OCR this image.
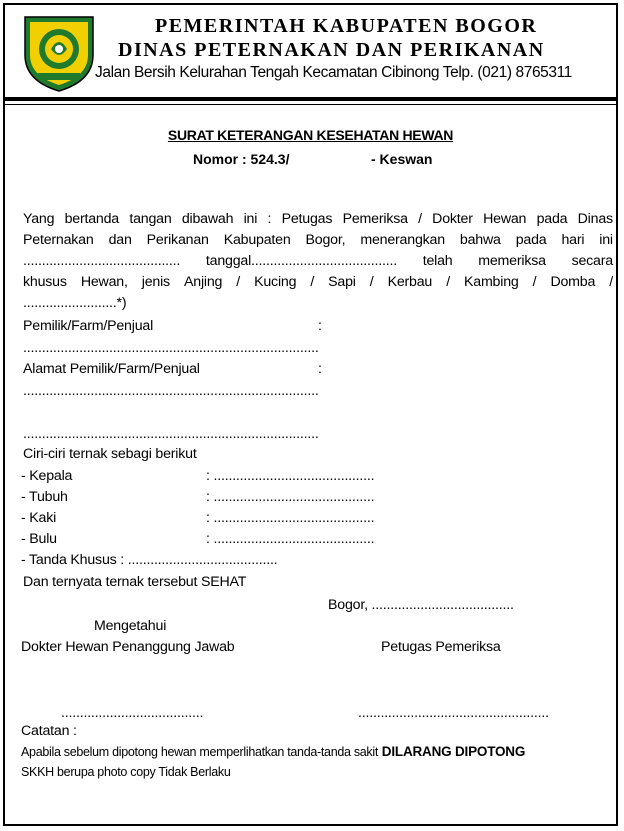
PEMERINTAH KABUPATEN BOGOR
DINAS PETERNAKAN DAN PERIKANAN
Jalan Bersih Kelurahan Tengah Kecamatan Cibinong Telp. (021) 8765311
SURAT KETERANGAN KESEHATAN HEWAN
Nomor : 524.3/	- Keswan
Yang bertanda tangan dibawah ini : Petugas Pemeriksa / Dokter Hewan pada Dinas
Peternakan dan Perikanan Kabupaten Bogor, menerangkan bahwa pada hari ini
.......................................... tanggal....................................... telah memeriksa secara
khusus Hewan, jenis Anjing / Kucing / Sapi / Kerbau / Kambing / Domba /
.........................*)
Pemilik/Farm/Penjual	:
...............................................................................
Alamat Pemilik/Farm/Penjual	:
...............................................................................
...............................................................................
Ciri-ciri ternak sebagi berikut
- Kepala	: ...........................................
- Tubuh	: ...........................................
- Kaki	: ...........................................
- Bulu	: ...........................................
- Tanda Khusus : ........................................
Dan ternyata ternak tersebut SEHAT
Bogor, ......................................
Mengetahui
Dokter Hewan Penanggung Jawab	Petugas Pemeriksa
......................................	...................................................
Catatan :
Apabila sebelum dipotong hewan memperlihatkan tanda-tanda sakit DILARANG DIPOTONG
SKKH berupa photo copy Tidak Berlaku
